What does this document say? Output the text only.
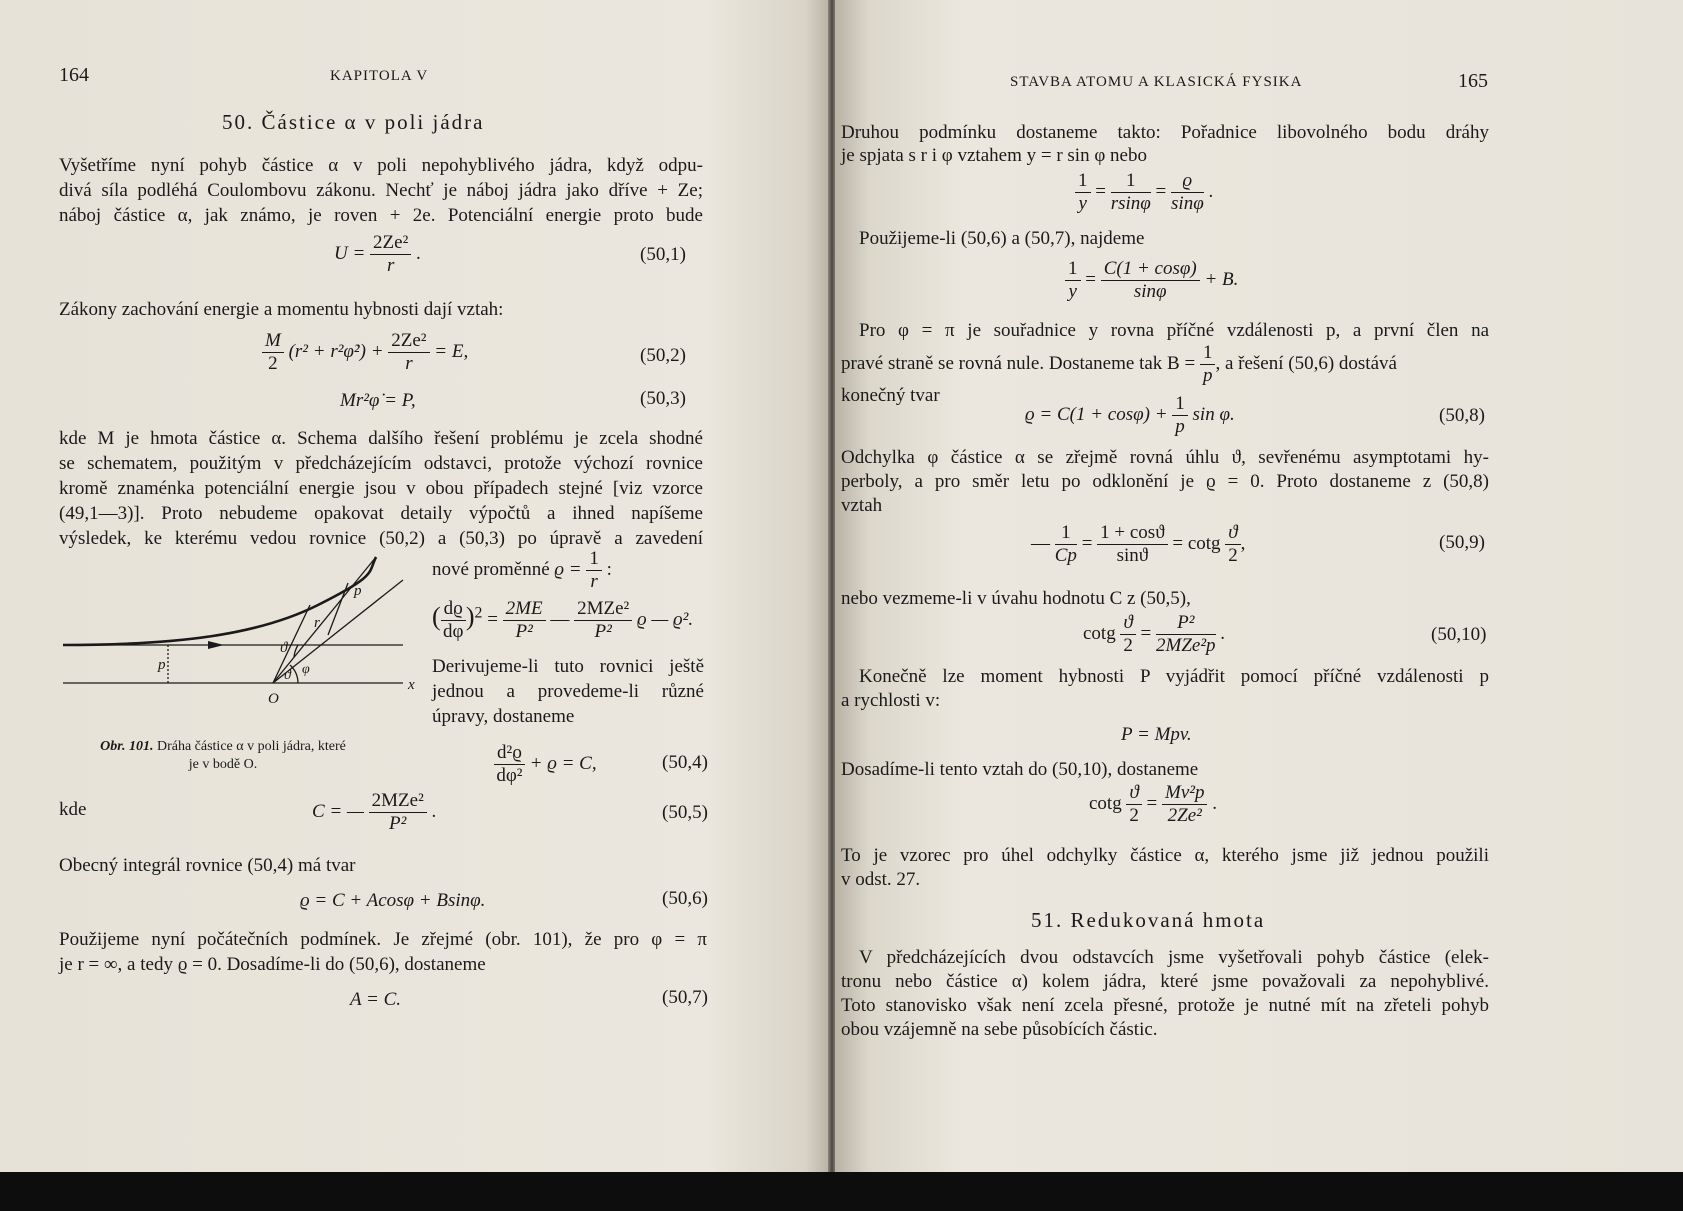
164	KAPITOLA V
50. Částice α v poli jádra
Vyšetříme nyní pohyb částice α v poli nepohyblivého jádra, když odpu-
divá síla podléhá Coulombovu zákonu. Nechť je náboj jádra jako dříve + Ze;
náboj částice α, jak známo, je roven + 2e. Potenciální energie proto bude
$U = \frac{\text{2Ze²}}{r}$ .	(50,1)
Zákony zachování energie a momentu hybnosti dají vztah:
$\frac{M}{2} (r^2$ + r²φ̇²) + $\frac{\text{2Ze²}}{r} = E$,	(50,2)
Mr²φ̇ = P,	(50,3)
kde M je hmota částice α. Schema dalšího řešení problému je zcela shodné
se schematem, použitým v předcházejícím odstavci, protože výchozí rovnice
kromě znaménka potenciální energie jsou v obou případech stejné [viz vzorce
(49,1—3)]. Proto nebudeme opakovat detaily výpočtů a ihned napíšeme
výsledek, ke kterému vedou rovnice (50,2) a (50,3) po úpravě a zavedení
p
r
ϑ
p
ϑ φ
O
x
Obr. 101. Dráha částice α v poli jádra, které
je v bodě O.
nové proměnné $ϱ = \frac{1}{r}$ :
( $\frac{dϱ}{d\varphi} )^2 = \frac{2ME}{\text{P²}}$ — $\frac{\text{2MZe²}}{\text{P²}}$ ϱ — ϱ².
Derivujeme-li tuto rovnici ještě
jednou a provedeme-li různé
úpravy, dostaneme
$\frac{\text{d²ϱ}}{\text{dφ²}} + ϱ = C$,	(50,4)
kde	C = — $\frac{\text{2MZe²}}{\text{P²}}$ .	(50,5)
Obecný integrál rovnice (50,4) má tvar
ϱ = C + Acosφ + Bsinφ.	(50,6)
Použijeme nyní počátečních podmínek. Je zřejmé (obr. 101), že pro φ = π
je r = ∞, a tedy ϱ = 0. Dosadíme-li do (50,6), dostaneme
A = C.	(50,7)
STAVBA ATOMU A KLASICKÁ FYSIKA	165
Druhou podmínku dostaneme takto: Pořadnice libovolného bodu dráhy
je spjata s r i φ vztahem y = r sin φ nebo
$\frac{1}{y} = \frac{1}{rsin\varphi} = \frac{ϱ}{\sin\varphi}$ .
Použijeme-li (50,6) a (50,7), najdeme
$\frac{1}{y} = \frac{C(1 + \cos\varphi)}{\sin\varphi} + B$.
Pro φ = π je souřadnice y rovna příčné vzdálenosti p, a první člen na
pravé straně se rovná nule. Dostaneme tak $B = \frac{1}{p}$ , a řešení (50,6) dostává
konečný tvar
$ϱ = C(1 + \cos\varphi) + \frac{1}{p}$ sin φ.	(50,8)
Odchylka φ částice α se zřejmě rovná úhlu ϑ, sevřenému asymptotami hy-
perboly, a pro směr letu po odklonění je ϱ = 0. Proto dostaneme z (50,8)
vztah
— $\frac{1}{Cp} = \frac{1 + \cos ϑ}{\sin ϑ} = \cot g \frac{ϑ}{2}$ ,	(50,9)
nebo vezmeme-li v úvahu hodnotu C z (50,5),
cotg $\frac{ϑ}{2} = \frac{\text{P²}}{\text{2MZe²p}}$ .	(50,10)
Konečně lze moment hybnosti P vyjádřit pomocí příčné vzdálenosti p
a rychlosti v:
P = Mpv.
Dosadíme-li tento vztah do (50,10), dostaneme
cotg $\frac{ϑ}{2} = \frac{\text{Mv²p}}{\text{2Ze²}}$ .
To je vzorec pro úhel odchylky částice α, kterého jsme již jednou použili
v odst. 27.
51. Redukovaná hmota
V předcházejících dvou odstavcích jsme vyšetřovali pohyb částice (elek-
tronu nebo částice α) kolem jádra, které jsme považovali za nepohyblivé.
Toto stanovisko však není zcela přesné, protože je nutné mít na zřeteli pohyb
obou vzájemně na sebe působících částic.
